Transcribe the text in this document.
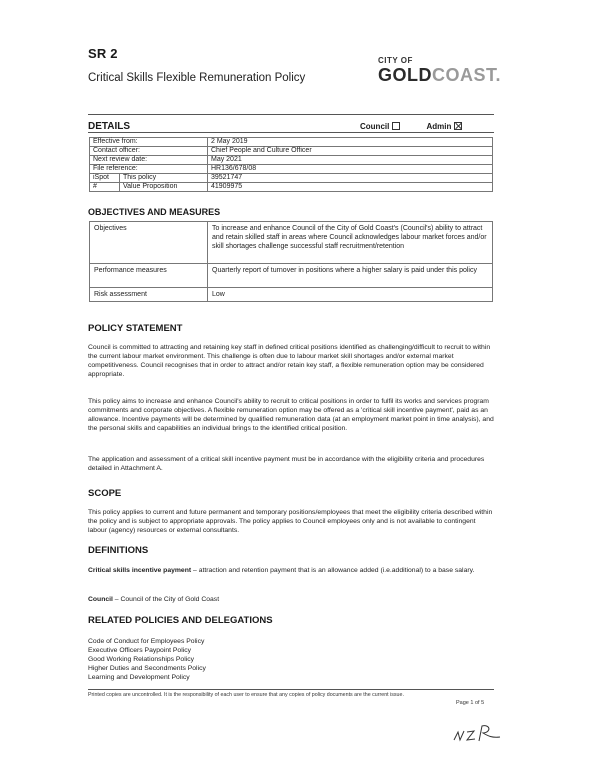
SR 2
Critical Skills Flexible Remuneration Policy
CITY OF
GOLDCOAST.
DETAILS	Council	Admin
Effective from:		2 May 2019
Contact officer:		Chief People and Culture Officer
Next review date:		May 2021
File reference:		HR136/678/08
iSpot	This policy	39521747
#	Value Proposition	41909975
OBJECTIVES AND MEASURES
Objectives	To increase and enhance Council of the City of Gold Coast's (Council's) ability to attract and retain skilled staff in areas where Council acknowledges labour market forces and/or skill shortages challenge successful staff recruitment/retention
Performance measures	Quarterly report of turnover in positions where a higher salary is paid under this policy
Risk assessment	Low
POLICY STATEMENT
Council is committed to attracting and retaining key staff in defined critical positions identified as challenging/difficult to recruit to within the current labour market environment. This challenge is often due to labour market skill shortages and/or external market competitiveness. Council recognises that in order to attract and/or retain key staff, a flexible remuneration option may be considered appropriate.
This policy aims to increase and enhance Council's ability to recruit to critical positions in order to fulfil its works and services program commitments and corporate objectives. A flexible remuneration option may be offered as a 'critical skill incentive payment', paid as an allowance. Incentive payments will be determined by qualified remuneration data (at an employment market point in time analysis), and the personal skills and capabilities an individual brings to the identified critical position.
The application and assessment of a critical skill incentive payment must be in accordance with the eligibility criteria and procedures detailed in Attachment A.
SCOPE
This policy applies to current and future permanent and temporary positions/employees that meet the eligibility criteria described within the policy and is subject to appropriate approvals. The policy applies to Council employees only and is not available to contingent labour (agency) resources or external consultants.
DEFINITIONS
Critical skills incentive payment – attraction and retention payment that is an allowance added (i.e.additional) to a base salary.
Council – Council of the City of Gold Coast
RELATED POLICIES AND DELEGATIONS
Code of Conduct for Employees Policy
Executive Officers Paypoint Policy
Good Working Relationships Policy
Higher Duties and Secondments Policy
Learning and Development Policy
Printed copies are uncontrolled. It is the responsibility of each user to ensure that any copies of policy documents are the current issue.
Page 1 of 5
